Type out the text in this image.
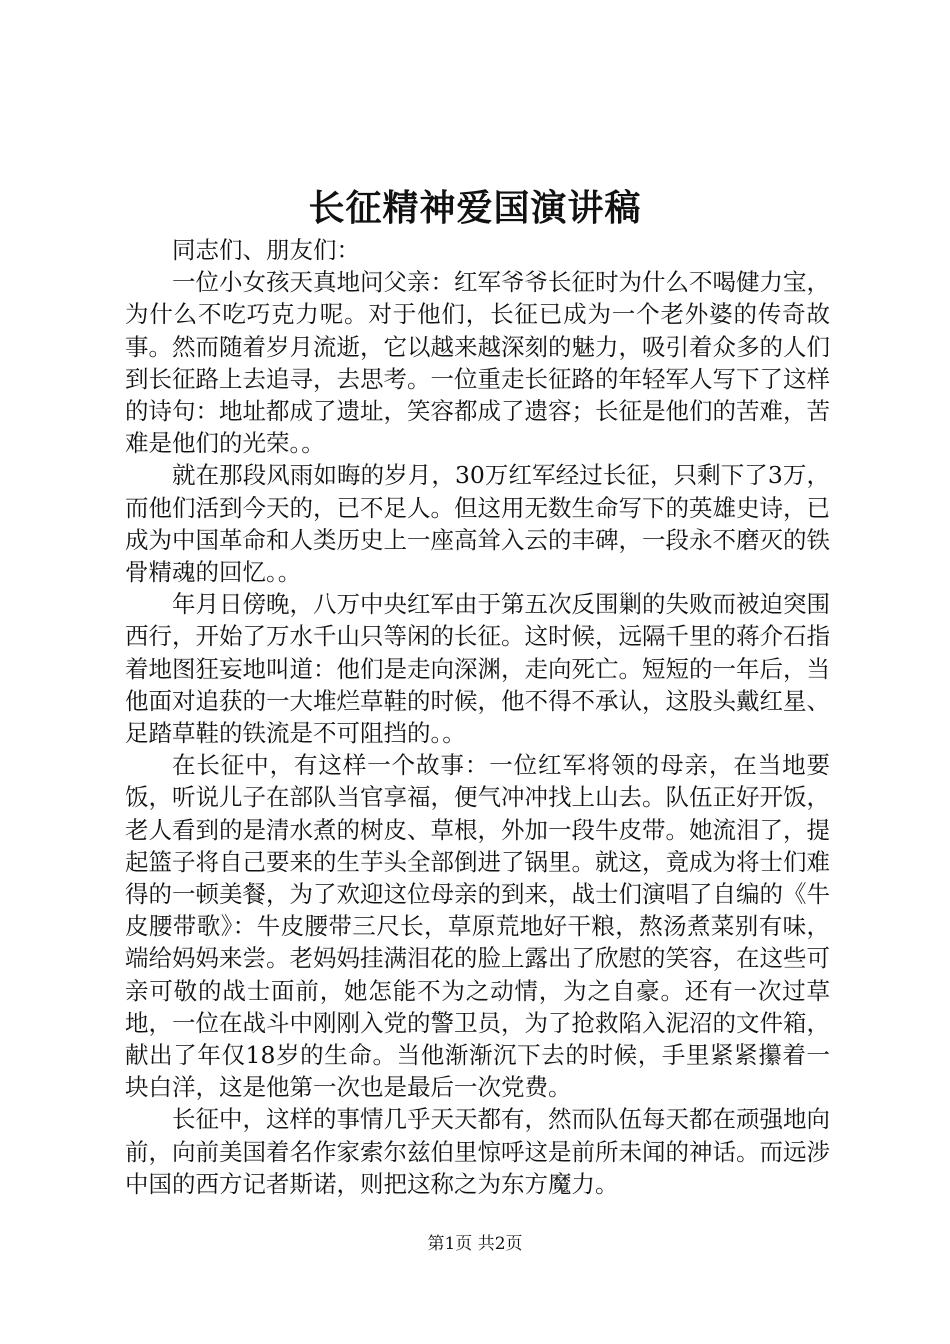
长征精神爱国演讲稿

同志们、朋友们：

一位小女孩天真地问父亲：红军爷爷长征时为什么不喝健力宝，为什么不吃巧克力呢。对于他们，长征已成为一个老外婆的传奇故事。然而随着岁月流逝，它以越来越深刻的魅力，吸引着众多的人们到长征路上去追寻，去思考。一位重走长征路的年轻军人写下了这样的诗句：地址都成了遗址，笑容都成了遗容；长征是他们的苦难，苦难是他们的光荣。。

就在那段风雨如晦的岁月，30万红军经过长征，只剩下了3万，而他们活到今天的，已不足人。但这用无数生命写下的英雄史诗，已成为中国革命和人类历史上一座高耸入云的丰碑，一段永不磨灭的铁骨精魂的回忆。。

年月日傍晚，八万中央红军由于第五次反围剿的失败而被迫突围西行，开始了万水千山只等闲的长征。这时候，远隔千里的蒋介石指着地图狂妄地叫道：他们是走向深渊，走向死亡。短短的一年后，当他面对追获的一大堆烂草鞋的时候，他不得不承认，这股头戴红星、足踏草鞋的铁流是不可阻挡的。。

在长征中，有这样一个故事：一位红军将领的母亲，在当地要饭，听说儿子在部队当官享福，便气冲冲找上山去。队伍正好开饭，老人看到的是清水煮的树皮、草根，外加一段牛皮带。她流泪了，提起篮子将自己要来的生芋头全部倒进了锅里。就这，竟成为将士们难得的一顿美餐，为了欢迎这位母亲的到来，战士们演唱了自编的《牛皮腰带歌》：牛皮腰带三尺长，草原荒地好干粮，熬汤煮菜别有味，端给妈妈来尝。老妈妈挂满泪花的脸上露出了欣慰的笑容，在这些可亲可敬的战士面前，她怎能不为之动情，为之自豪。还有一次过草地，一位在战斗中刚刚入党的警卫员，为了抢救陷入泥沼的文件箱，献出了年仅18岁的生命。当他渐渐沉下去的时候，手里紧紧攥着一块白洋，这是他第一次也是最后一次党费。

长征中，这样的事情几乎天天都有，然而队伍每天都在顽强地向前，向前美国着名作家索尔兹伯里惊呼这是前所未闻的神话。而远涉中国的西方记者斯诺，则把这称之为东方魔力。

第1页 共2页
